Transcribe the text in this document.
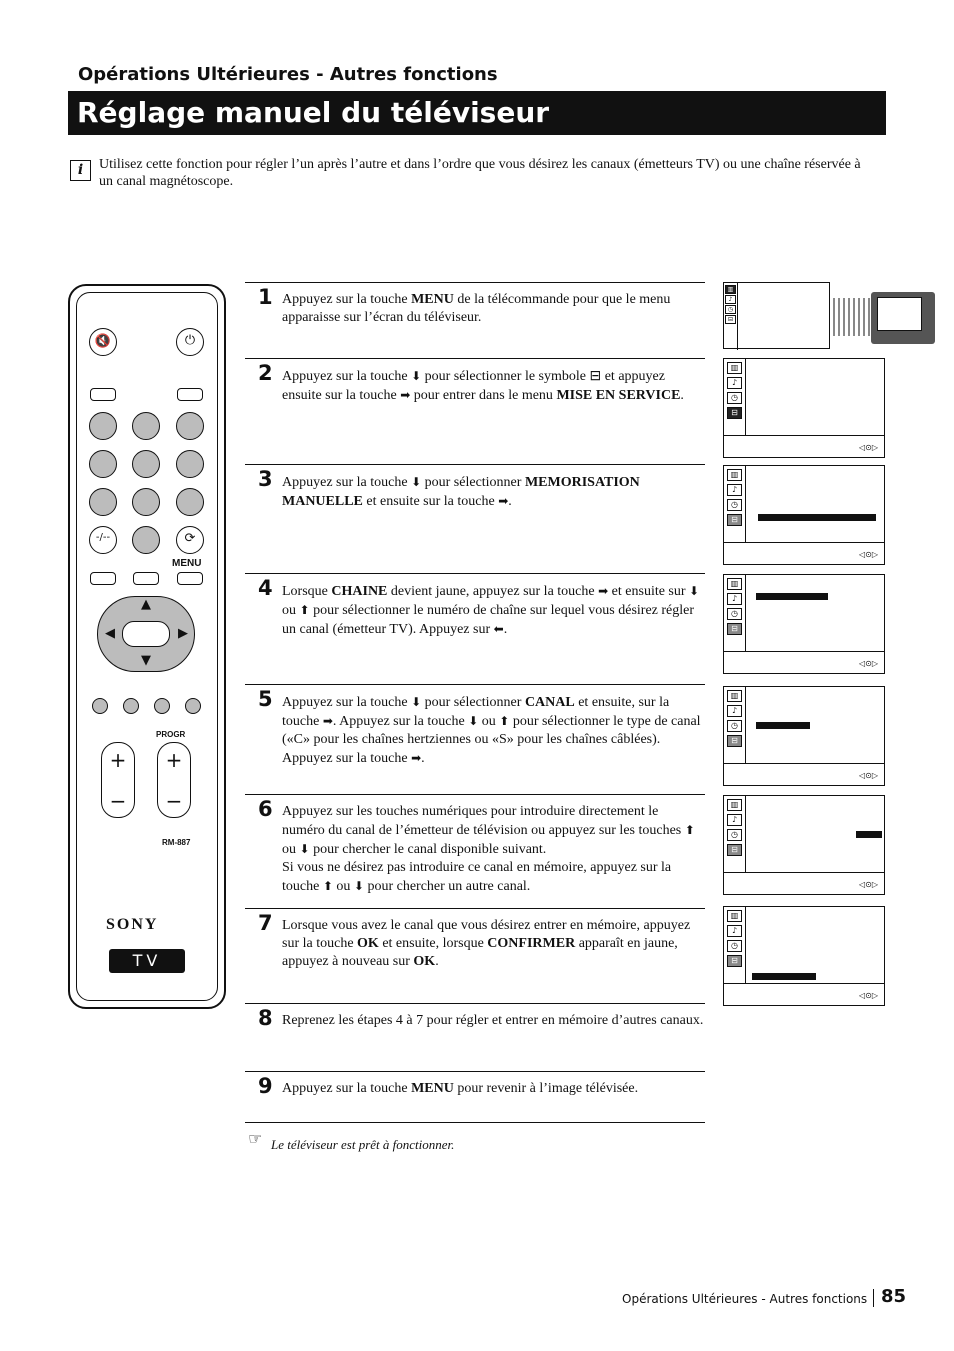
Opérations Ultérieures - Autres fonctions
Réglage manuel du téléviseur
i	Utilisez cette fonction pour régler l’un après l’autre et dans l’ordre que vous désirez les canaux (émetteurs TV) ou une chaîne réservée à un canal magnétoscope.
🔇	⏻
-/--	⟳
MENU
▲
▼
◀	▶
PROGR
+
−
+
−
RM-887
SONY
TV
1 Appuyez sur la touche MENU de la télécommande pour que le menu apparaisse sur l’écran du téléviseur.
2 Appuyez sur la touche ⬇ pour sélectionner le symbole ⊟ et appuyez ensuite sur la touche ➡ pour entrer dans le menu MISE EN SERVICE.
3 Appuyez sur la touche ⬇ pour sélectionner MEMORISATION MANUELLE et ensuite sur la touche ➡.
4 Lorsque CHAINE devient jaune, appuyez sur la touche ➡ et ensuite sur ⬇ ou ⬆ pour sélectionner le numéro de chaîne sur lequel vous désirez régler un canal (émetteur TV). Appuyez sur ⬅.
5 Appuyez sur la touche ⬇ pour sélectionner CANAL et ensuite, sur la touche ➡. Appuyez sur la touche ⬇ ou ⬆ pour sélectionner le type de canal («C» pour les chaînes hertziennes ou «S» pour les chaînes câblées). Appuyez sur la touche ➡.
6 Appuyez sur les touches numériques pour introduire directement le numéro du canal de l’émetteur de télévision ou appuyez sur les touches ⬆ ou ⬇ pour chercher le canal disponible suivant.
Si vous ne désirez pas introduire ce canal en mémoire, appuyez sur la touche ⬆ ou ⬇ pour chercher un autre canal.
7 Lorsque vous avez le canal que vous désirez entrer en mémoire, appuyez sur la touche OK et ensuite, lorsque CONFIRMER apparaît en jaune, appuyez à nouveau sur OK.
8 Reprenez les étapes 4 à 7 pour régler et entrer en mémoire d’autres canaux.
9 Appuyez sur la touche MENU pour revenir à l’image télévisée.
☞ Le téléviseur est prêt à fonctionner.
▥
♪
◷
⊟
▥
♪
◷
⊟
◁⊙▷
▥
♪
◷
⊟
◁⊙▷
▥
♪
◷
⊟
◁⊙▷
▥
♪
◷
⊟
◁⊙▷
▥
♪
◷
⊟
◁⊙▷
▥
♪
◷
⊟
◁⊙▷
Opérations Ultérieures - Autres fonctions 85
